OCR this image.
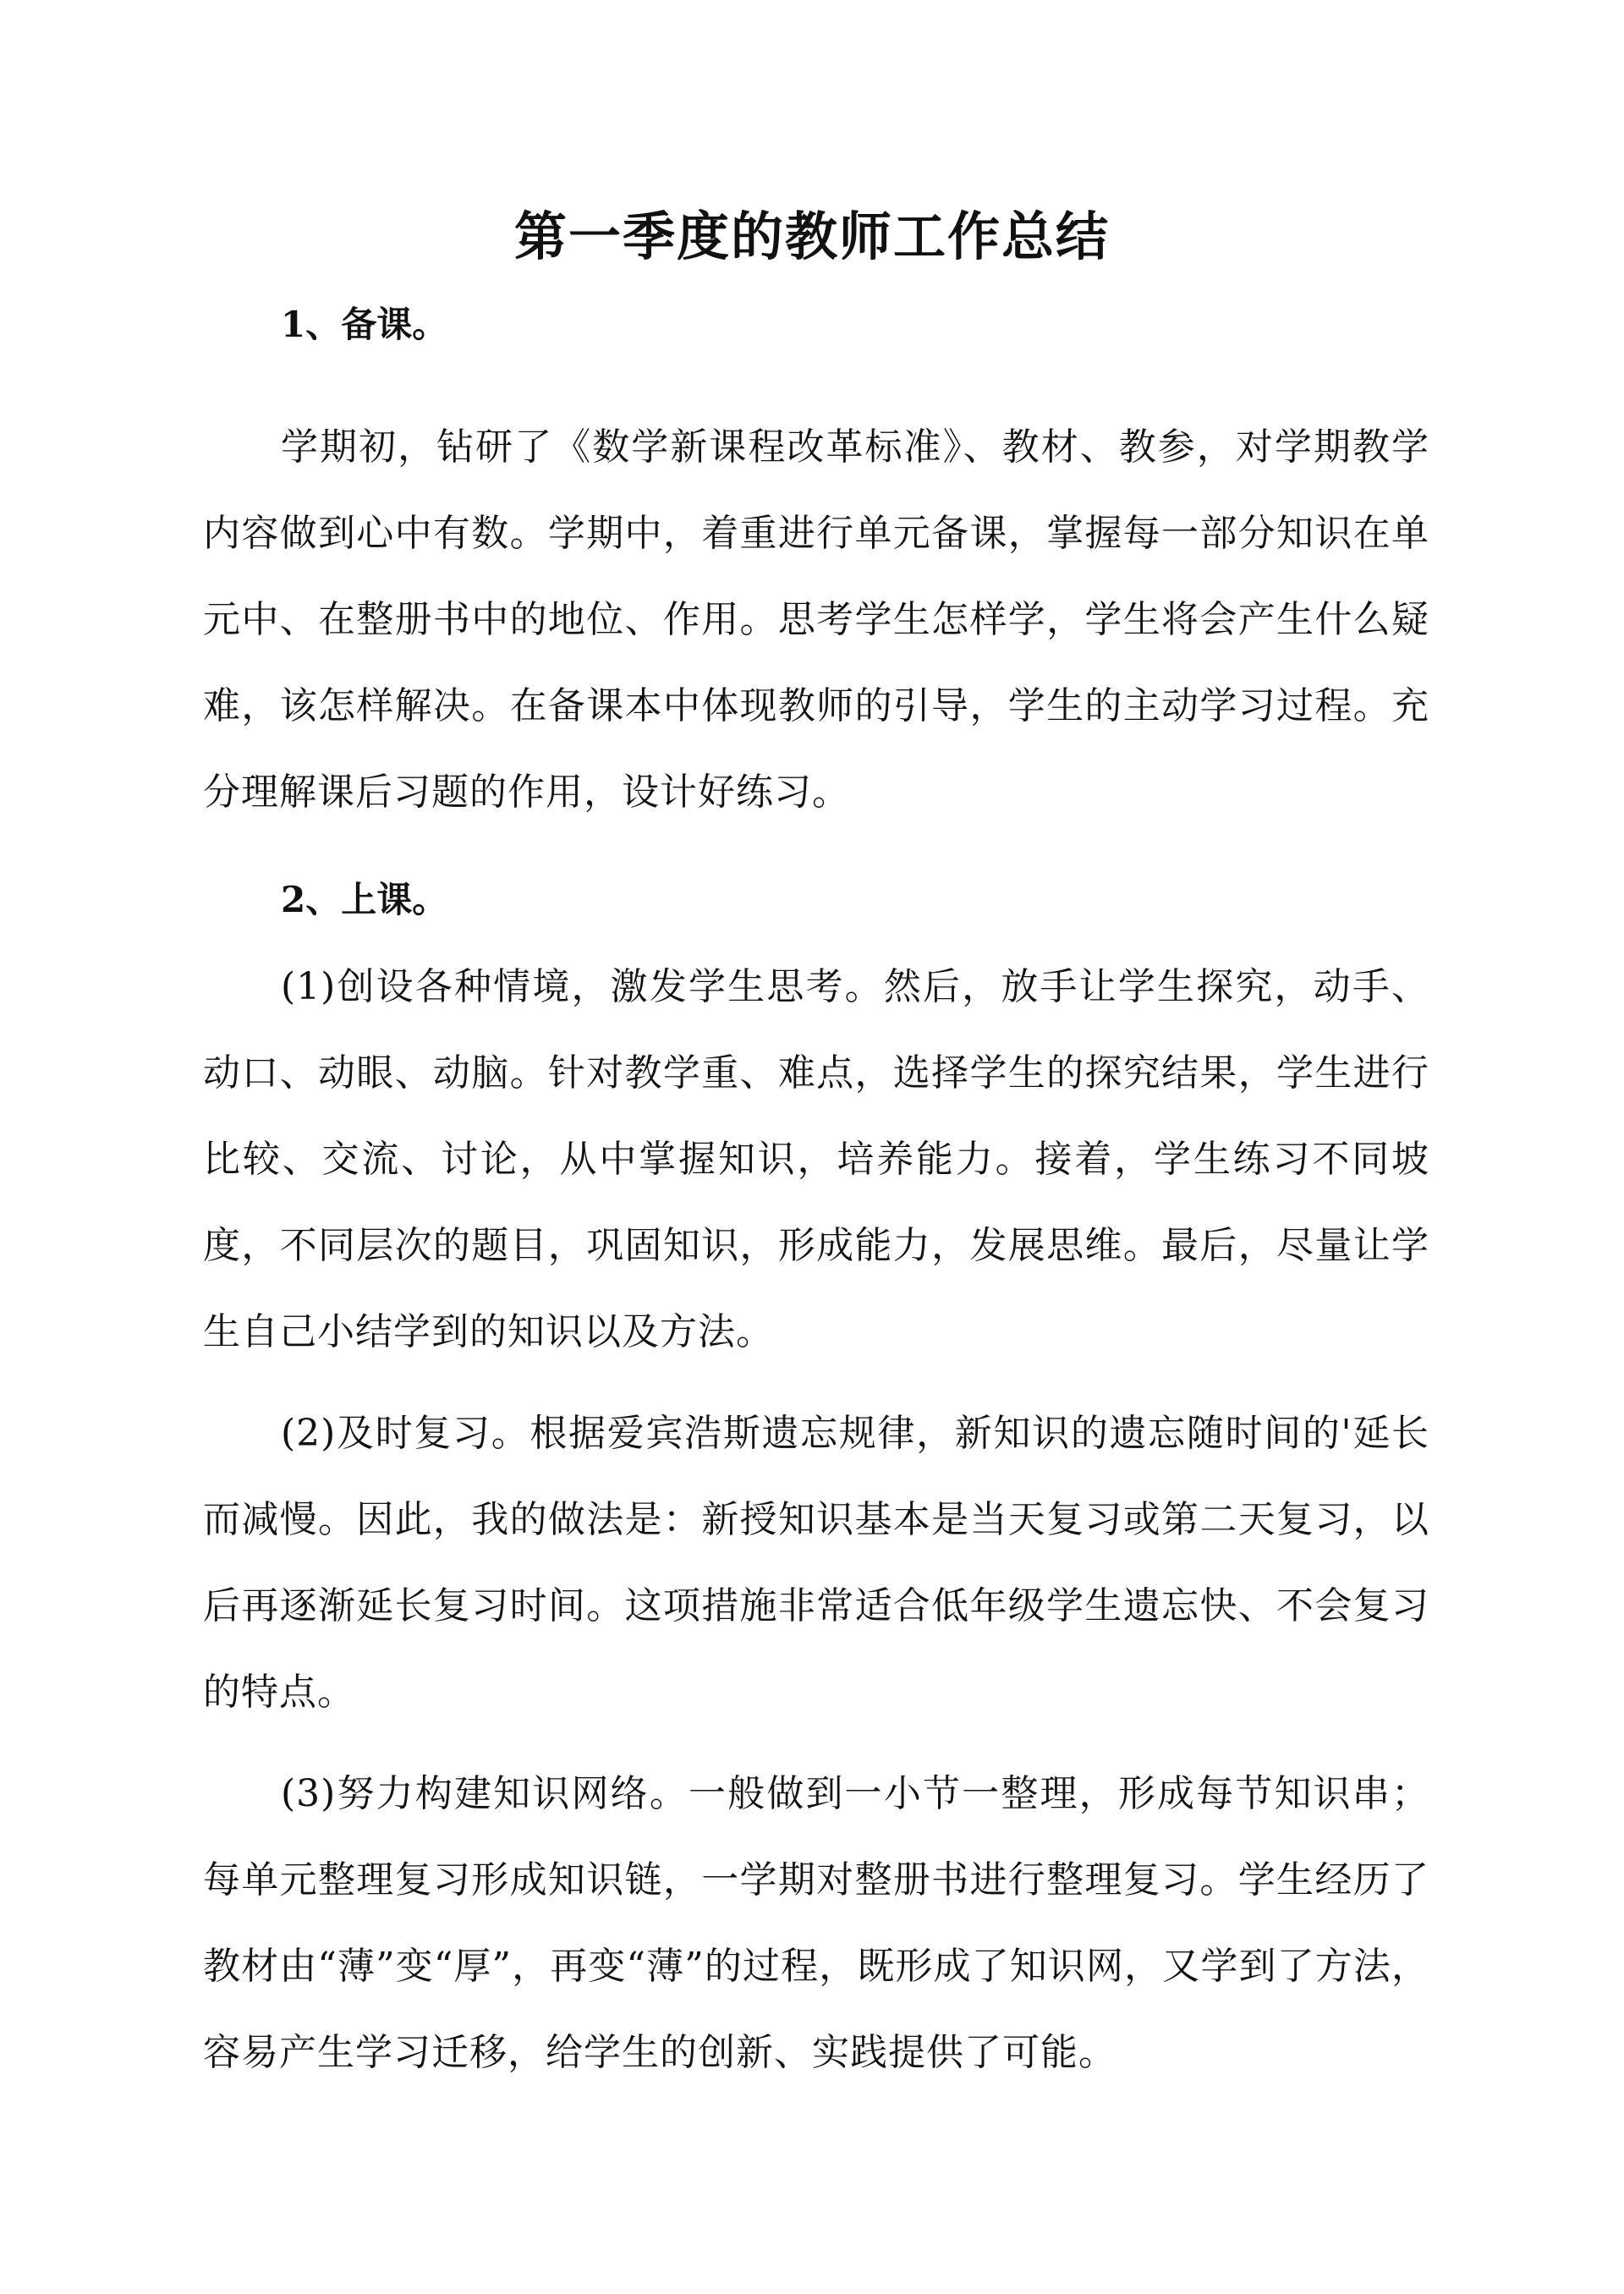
第一季度的教师工作总结
1、备课。

学期初，钻研了《数学新课程改革标准》、教材、教参，对学期教学内容做到心中有数。学期中，着重进行单元备课，掌握每一部分知识在单元中、在整册书中的地位、作用。思考学生怎样学，学生将会产生什么疑难，该怎样解决。在备课本中体现教师的引导，学生的主动学习过程。充分理解课后习题的作用，设计好练习。

2、上课。

(1)创设各种情境，激发学生思考。然后，放手让学生探究，动手、动口、动眼、动脑。针对教学重、难点，选择学生的探究结果，学生进行比较、交流、讨论，从中掌握知识，培养能力。接着，学生练习不同坡度，不同层次的题目，巩固知识，形成能力，发展思维。最后，尽量让学生自己小结学到的知识以及方法。

(2)及时复习。根据爱宾浩斯遗忘规律，新知识的遗忘随时间的'延长而减慢。因此，我的做法是：新授知识基本是当天复习或第二天复习，以后再逐渐延长复习时间。这项措施非常适合低年级学生遗忘快、不会复习的特点。

(3)努力构建知识网络。一般做到一小节一整理，形成每节知识串；每单元整理复习形成知识链，一学期对整册书进行整理复习。学生经历了教材由“薄”变“厚”，再变“薄”的过程，既形成了知识网，又学到了方法，容易产生学习迁移，给学生的创新、实践提供了可能。
